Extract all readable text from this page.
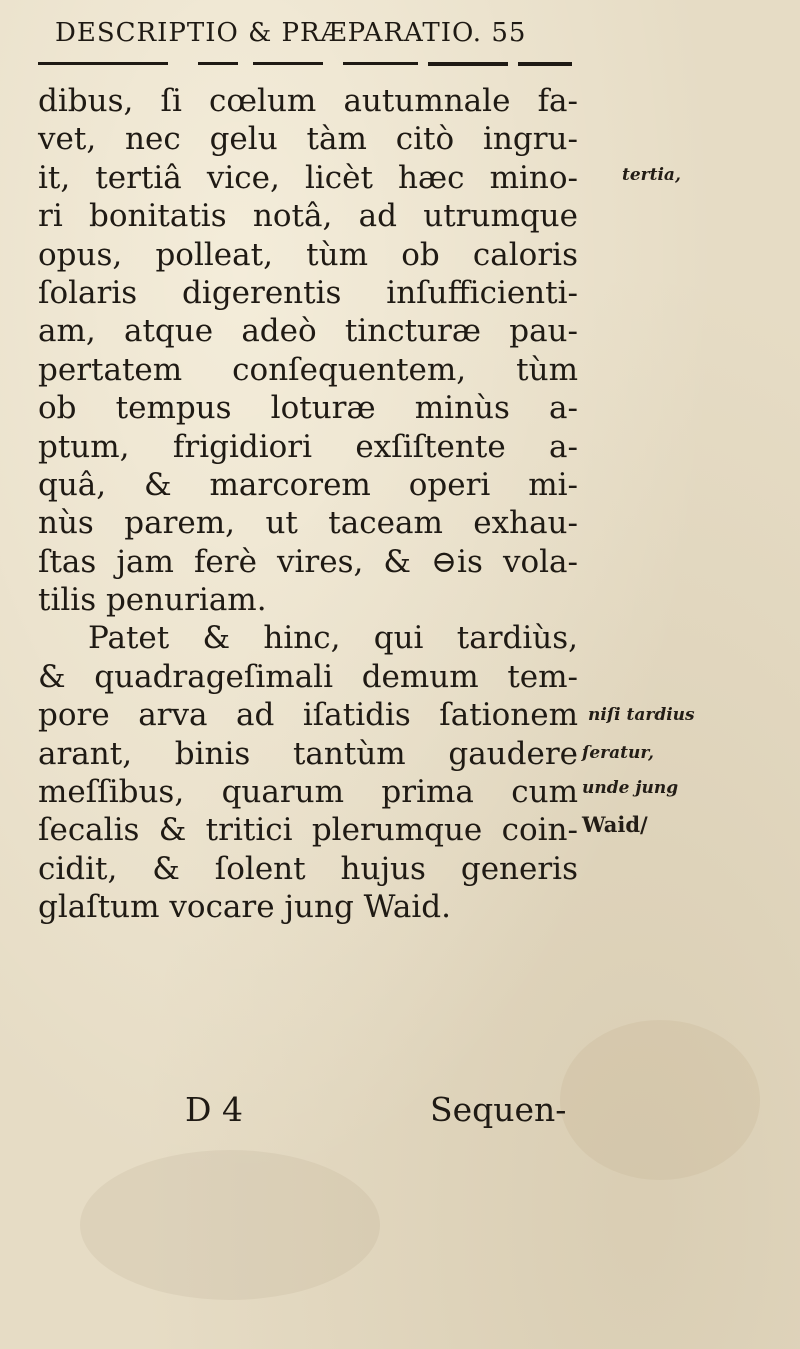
DESCRIPTIO & PRÆPARATIO. 55
dibus, ſi cœlum autumnale fa-
vet, nec gelu tàm citò ingru-
it, tertiâ vice, licèt hæc mino-
ri bonitatis notâ, ad utrumque
opus, polleat, tùm ob caloris
ſolaris digerentis inſufficienti-
am, atque adeò tincturæ pau-
pertatem conſequentem, tùm
ob tempus loturæ minùs a-
ptum, frigidiori exſiſtente a-
quâ, & marcorem operi mi-
nùs parem, ut taceam exhau-
ſtas jam ferè vires, & ⊖is vola-
tilis penuriam.
Patet & hinc, qui tardiùs,
& quadrageſimali demum tem-
pore arva ad iſatidis ſationem
arant, binis tantùm gaudere
meſſibus, quarum prima cum
ſecalis & tritici plerumque coin-
cidit, & ſolent hujus generis
glaſtum vocare jung Waid.
tertia,
niſi tardius
ſeratur,
unde jung
Waid/
D 4	Sequen-
